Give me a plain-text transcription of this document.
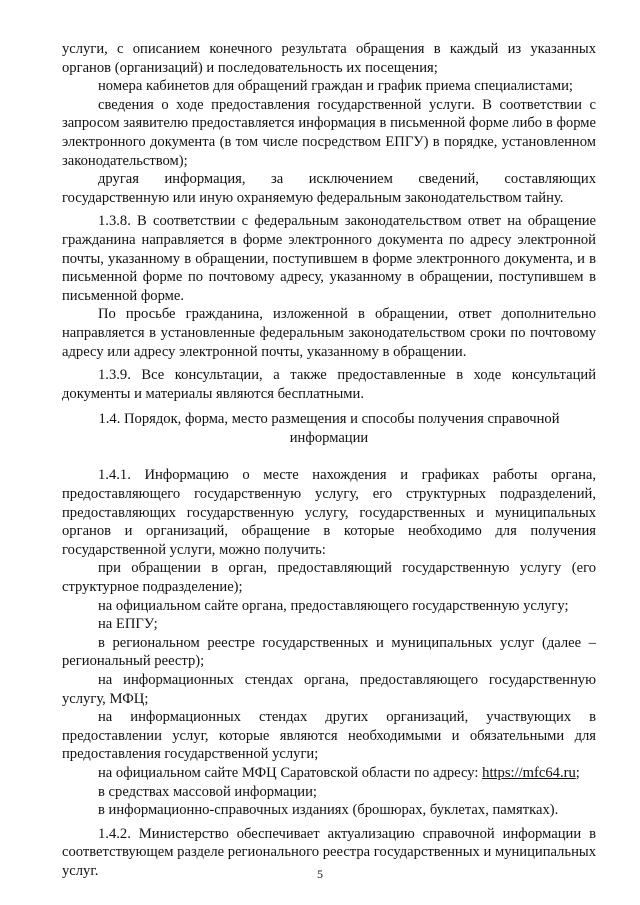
услуги, с описанием конечного результата обращения в каждый из указанных органов (организаций) и последовательность их посещения;

номера кабинетов для обращений граждан и график приема специалистами;

сведения о ходе предоставления государственной услуги. В соответствии с запросом заявителю предоставляется информация в письменной форме либо в форме электронного документа (в том числе посредством ЕПГУ) в порядке, установленном законодательством);

другая информация, за исключением сведений, составляющих государственную или иную охраняемую федеральным законодательством тайну.

1.3.8. В соответствии с федеральным законодательством ответ на обращение гражданина направляется в форме электронного документа по адресу электронной почты, указанному в обращении, поступившем в форме электронного документа, и в письменной форме по почтовому адресу, указанному в обращении, поступившем в письменной форме.

По просьбе гражданина, изложенной в обращении, ответ дополнительно направляется в установленные федеральным законодательством сроки по почтовому адресу или адресу электронной почты, указанному в обращении.

1.3.9. Все консультации, а также предоставленные в ходе консультаций документы и материалы являются бесплатными.

1.4. Порядок, форма, место размещения и способы получения справочной информации

1.4.1. Информацию о месте нахождения и графиках работы органа, предоставляющего государственную услугу, его структурных подразделений, предоставляющих государственную услугу, государственных и муниципальных органов и организаций, обращение в которые необходимо для получения государственной услуги, можно получить:

при обращении в орган, предоставляющий государственную услугу (его структурное подразделение);

на официальном сайте органа, предоставляющего государственную услугу;

на ЕПГУ;

в региональном реестре государственных и муниципальных услуг (далее – региональный реестр);

на информационных стендах органа, предоставляющего государственную услугу, МФЦ;

на информационных стендах других организаций, участвующих в предоставлении услуг, которые являются необходимыми и обязательными для предоставления государственной услуги;

на официальном сайте МФЦ Саратовской области по адресу: https://mfc64.ru;

в средствах массовой информации;

в информационно-справочных изданиях (брошюрах, буклетах, памятках).

1.4.2. Министерство обеспечивает актуализацию справочной информации в соответствующем разделе регионального реестра государственных и муниципальных услуг.	5
